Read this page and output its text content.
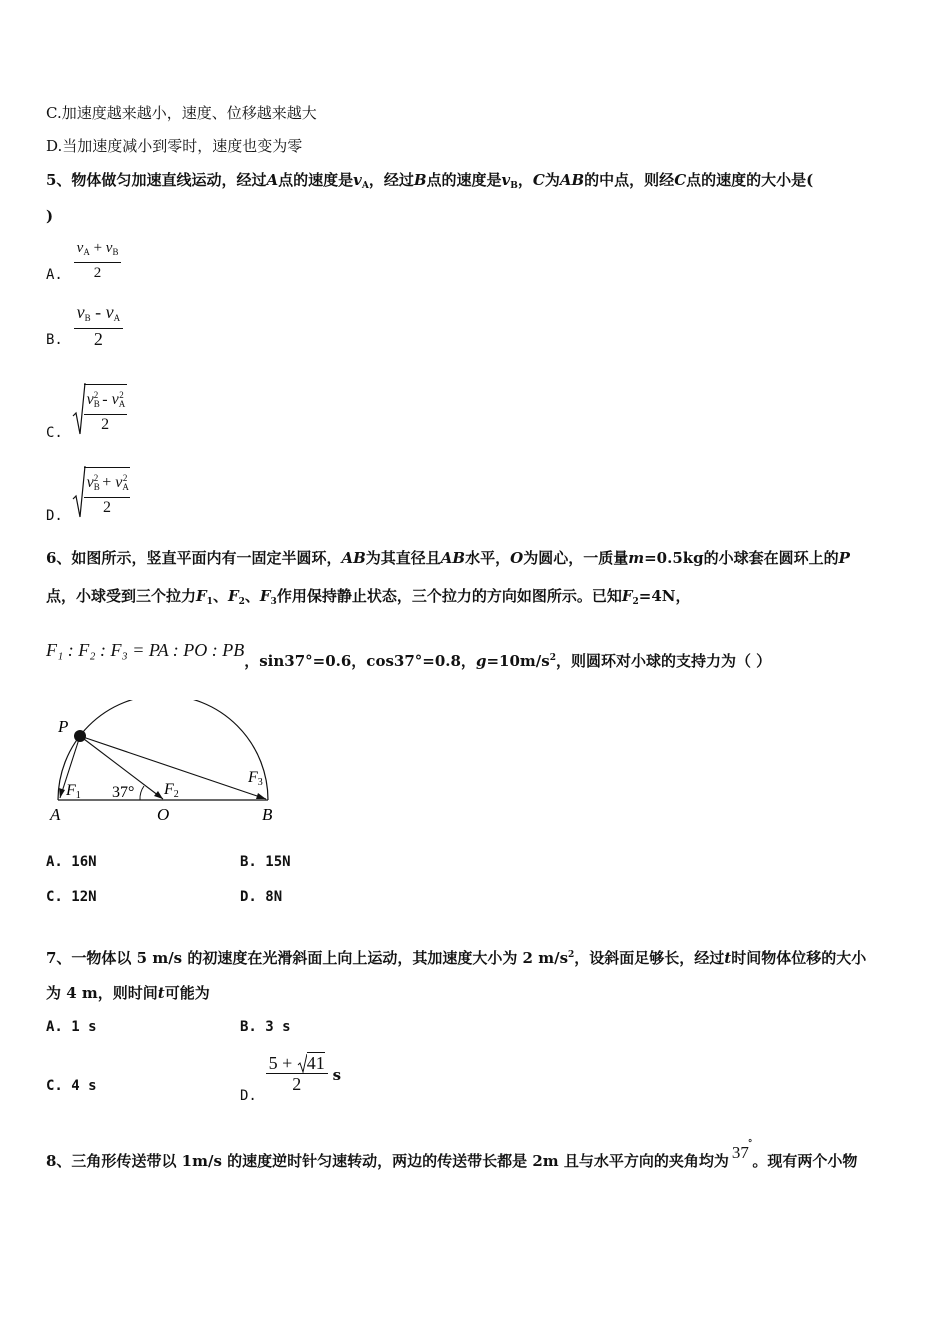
C.加速度越来越小，速度、位移越来越大
D.当加速度减小到零时，速度也变为零
5、物体做匀加速直线运动，经过A点的速度是$v_A$，经过B点的速度是$v_B$，C为AB的中点，则经C点的速度的大小是(
)
A. $\frac{v_A + v_B}{2}$
B. $\frac{v_B - v_A}{2}$
C. $\frac{v_B^2 - v_A^2}{2}$
D. $\frac{v_B^2 + v_A^2}{2}$
6、如图所示，竖直平面内有一固定半圆环，AB为其直径且AB水平，O为圆心，一质量m=0.5kg的小球套在圆环上的P
点，小球受到三个拉力$F_1$、$F_2$、$F_3$作用保持静止状态，三个拉力的方向如图所示。已知$F_2=4N$，
F₁ : F₂ : F₃ = PA : PO : PB，sin37°=0.6，cos37°=0.8，$g=10m/s^2$，则圆环对小球的支持力为（ ）
P
A	O	B
F1 37° F2
F3
A. 16N	B. 15N
C. 12N	D. 8N
7、一物体以 5 m/s 的初速度在光滑斜面上向上运动，其加速度大小为 2 $m/s^2$，设斜面足够长，经过t时间物体位移的大小
为 4 m，则时间t可能为
A. 1 s	B. 3 s
C. 4 s
D.
$\frac{5 + 41}{2}$ s
8、三角形传送带以 1m/s 的速度逆时针匀速转动，两边的传送带长都是 2m 且与水平方向的夹角均为 37°。现有两个小物
